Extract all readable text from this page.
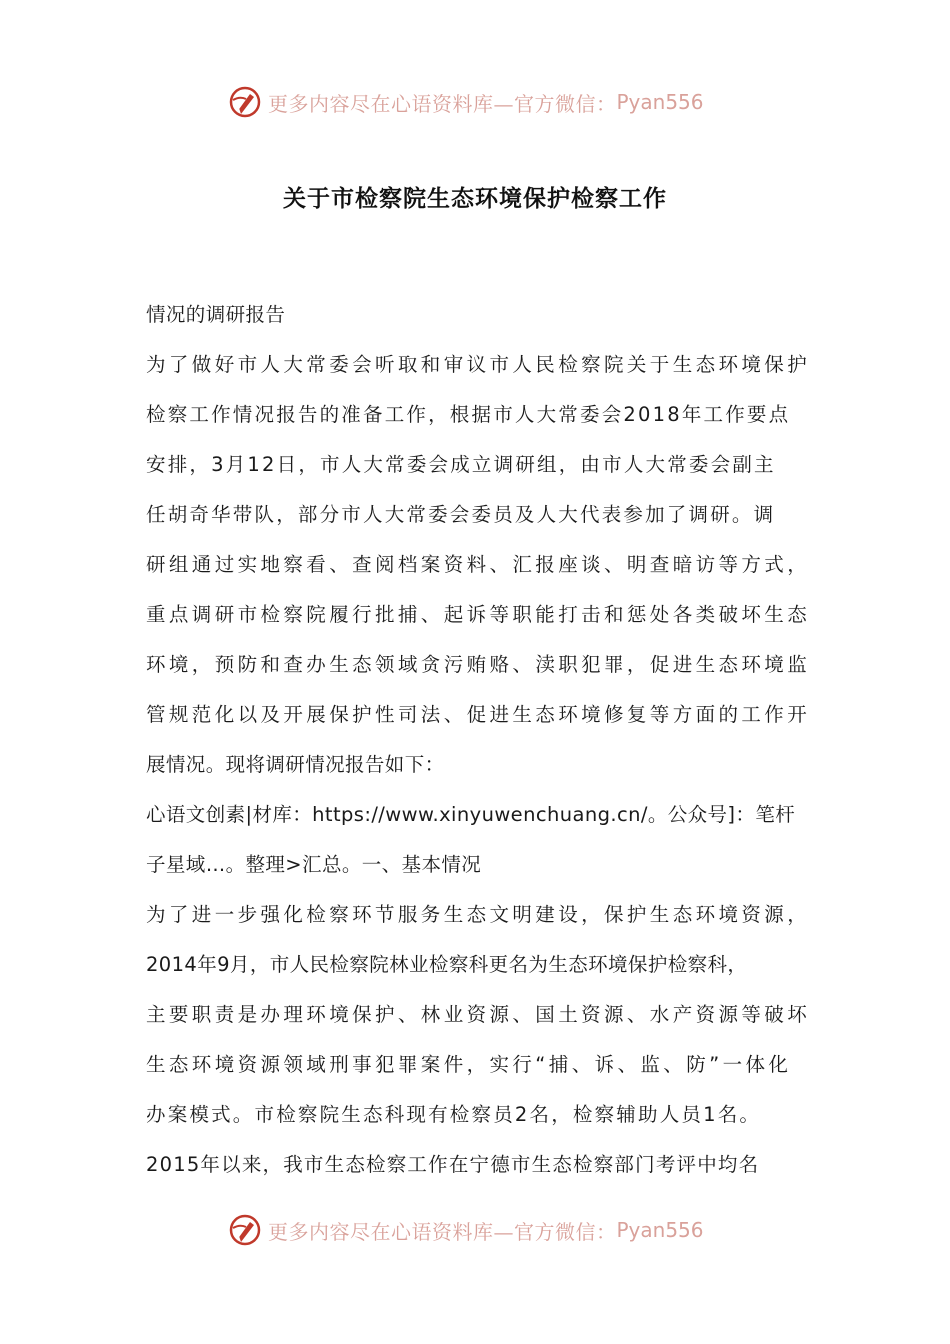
更多内容尽在心语资料库—官方微信： Pyan556
关于市检察院生态环境保护检察工作
情况的调研报告
为了做好市人大常委会听取和审议市人民检察院关于生态环境保护
检察工作情况报告的准备工作，根据市人大常委会2018年工作要点
安排，3月12日，市人大常委会成立调研组，由市人大常委会副主
任胡奇华带队，部分市人大常委会委员及人大代表参加了调研。调
研组通过实地察看、查阅档案资料、汇报座谈、明查暗访等方式，
重点调研市检察院履行批捕、起诉等职能打击和惩处各类破坏生态
环境，预防和查办生态领域贪污贿赂、渎职犯罪，促进生态环境监
管规范化以及开展保护性司法、促进生态环境修复等方面的工作开
展情况。现将调研情况报告如下：
心语文创素|材库：https://www.xinyuwenchuang.cn/。公众号]：笔杆
子星域…。整理>汇总。一、基本情况
为了进一步强化检察环节服务生态文明建设，保护生态环境资源，
2014年9月，市人民检察院林业检察科更名为生态环境保护检察科，
主要职责是办理环境保护、林业资源、国土资源、水产资源等破坏
生态环境资源领域刑事犯罪案件，实行“捕、诉、监、防”一体化
办案模式。市检察院生态科现有检察员2名，检察辅助人员1名。
2015年以来，我市生态检察工作在宁德市生态检察部门考评中均名
更多内容尽在心语资料库—官方微信： Pyan556
